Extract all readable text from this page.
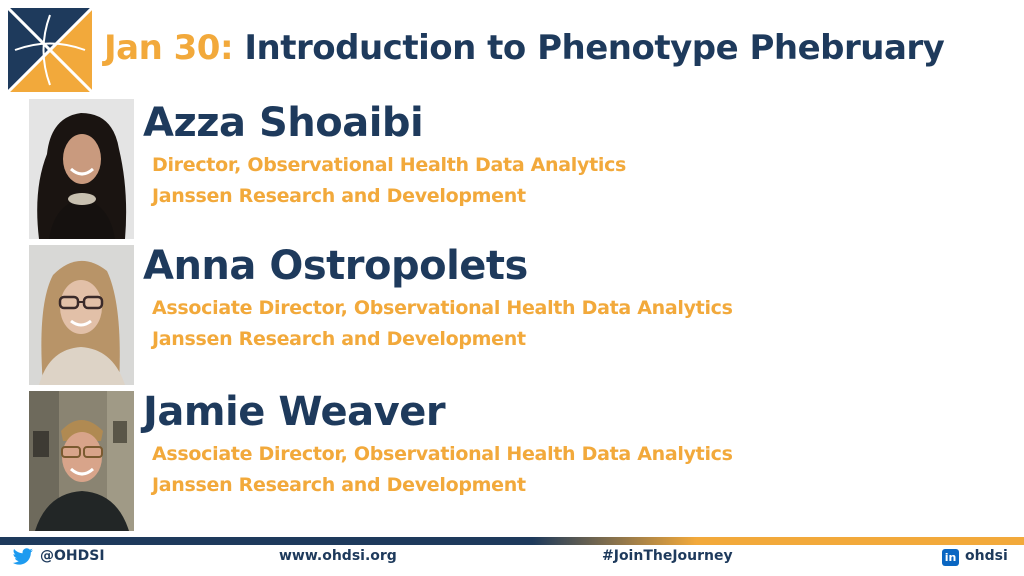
Jan 30: Introduction to Phenotype Phebruary
Azza Shoaibi
Director, Observational Health Data Analytics
Janssen Research and Development
Anna Ostropolets
Associate Director, Observational Health Data Analytics
Janssen Research and Development
Jamie Weaver
Associate Director, Observational Health Data Analytics
Janssen Research and Development
@OHDSI	www.ohdsi.org	#JoinTheJourney	in ohdsi
